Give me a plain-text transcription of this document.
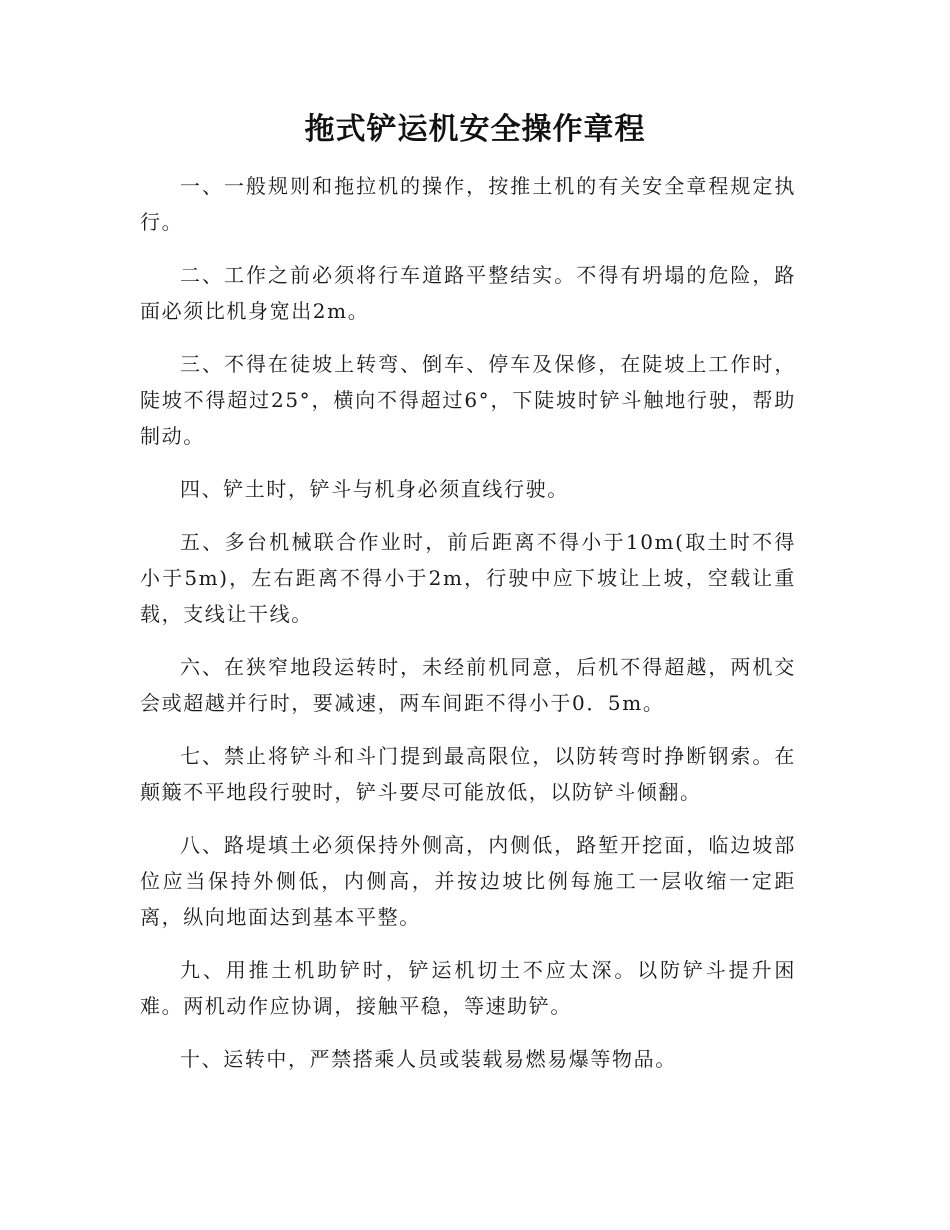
拖式铲运机安全操作章程

一、一般规则和拖拉机的操作，按推土机的有关安全章程规定执行。

二、工作之前必须将行车道路平整结实。不得有坍塌的危险，路面必须比机身宽出2m。

三、不得在徒坡上转弯、倒车、停车及保修，在陡坡上工作时，陡坡不得超过25°，横向不得超过6°，下陡坡时铲斗触地行驶，帮助制动。

四、铲土时，铲斗与机身必须直线行驶。

五、多台机械联合作业时，前后距离不得小于10m(取土时不得小于5m)，左右距离不得小于2m，行驶中应下坡让上坡，空载让重载，支线让干线。

六、在狭窄地段运转时，未经前机同意，后机不得超越，两机交会或超越并行时，要减速，两车间距不得小于0．5m。

七、禁止将铲斗和斗门提到最高限位，以防转弯时挣断钢索。在颠簸不平地段行驶时，铲斗要尽可能放低，以防铲斗倾翻。

八、路堤填土必须保持外侧高，内侧低，路堑开挖面，临边坡部位应当保持外侧低，内侧高，并按边坡比例每施工一层收缩一定距离，纵向地面达到基本平整。

九、用推土机助铲时，铲运机切土不应太深。以防铲斗提升困难。两机动作应协调，接触平稳，等速助铲。

十、运转中，严禁搭乘人员或装载易燃易爆等物品。
